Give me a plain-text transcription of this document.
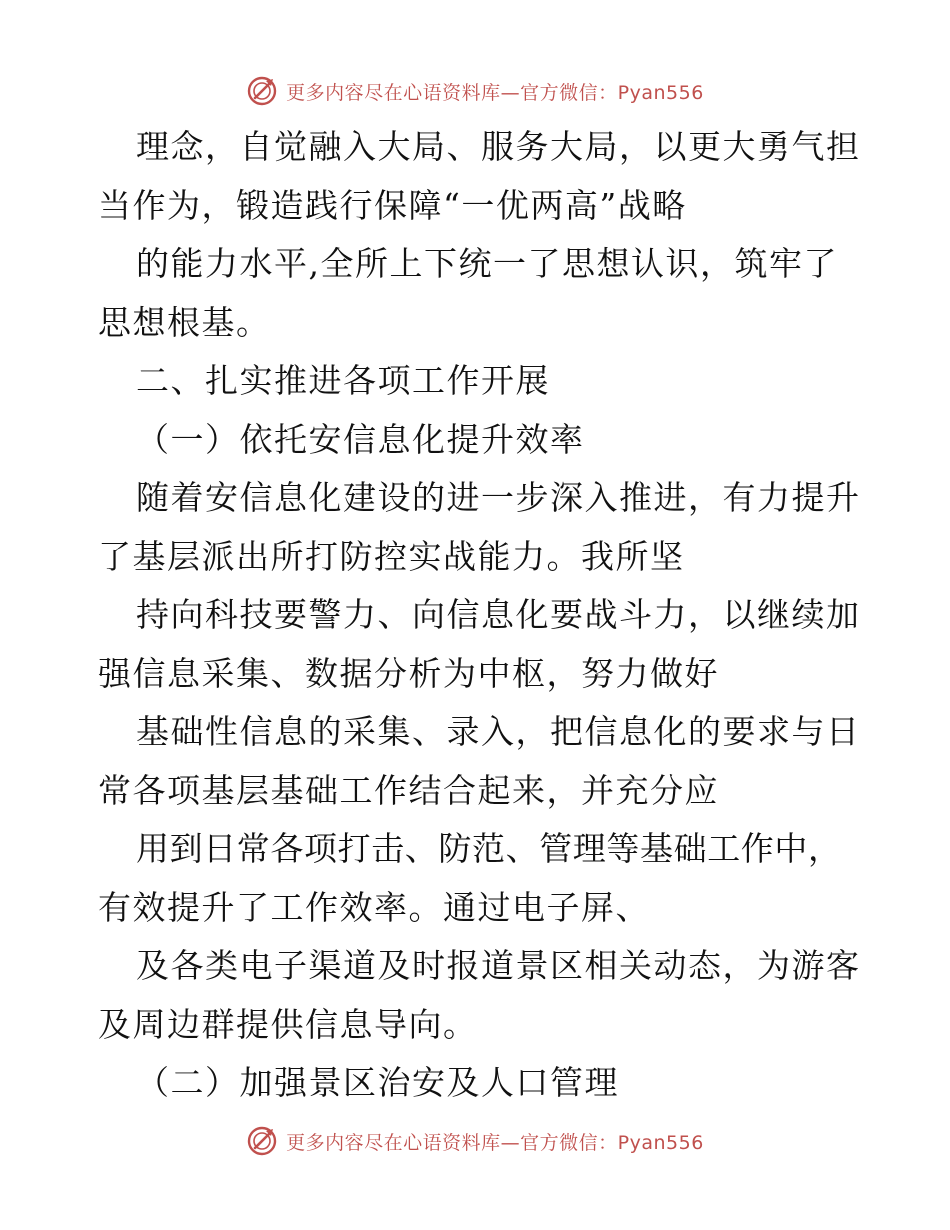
更多内容尽在心语资料库—官方微信：Pyan556
理念，自觉融入大局、服务大局，以更大勇气担
当作为，锻造践行保障“一优两高”战略
的能力水平,全所上下统一了思想认识，筑牢了
思想根基。
二、扎实推进各项工作开展
（一）依托安信息化提升效率
随着安信息化建设的进一步深入推进，有力提升
了基层派出所打防控实战能力。我所坚
持向科技要警力、向信息化要战斗力，以继续加
强信息采集、数据分析为中枢，努力做好
基础性信息的采集、录入，把信息化的要求与日
常各项基层基础工作结合起来，并充分应
用到日常各项打击、防范、管理等基础工作中，
有效提升了工作效率。通过电子屏、
及各类电子渠道及时报道景区相关动态，为游客
及周边群提供信息导向。
（二）加强景区治安及人口管理
更多内容尽在心语资料库—官方微信：Pyan556
